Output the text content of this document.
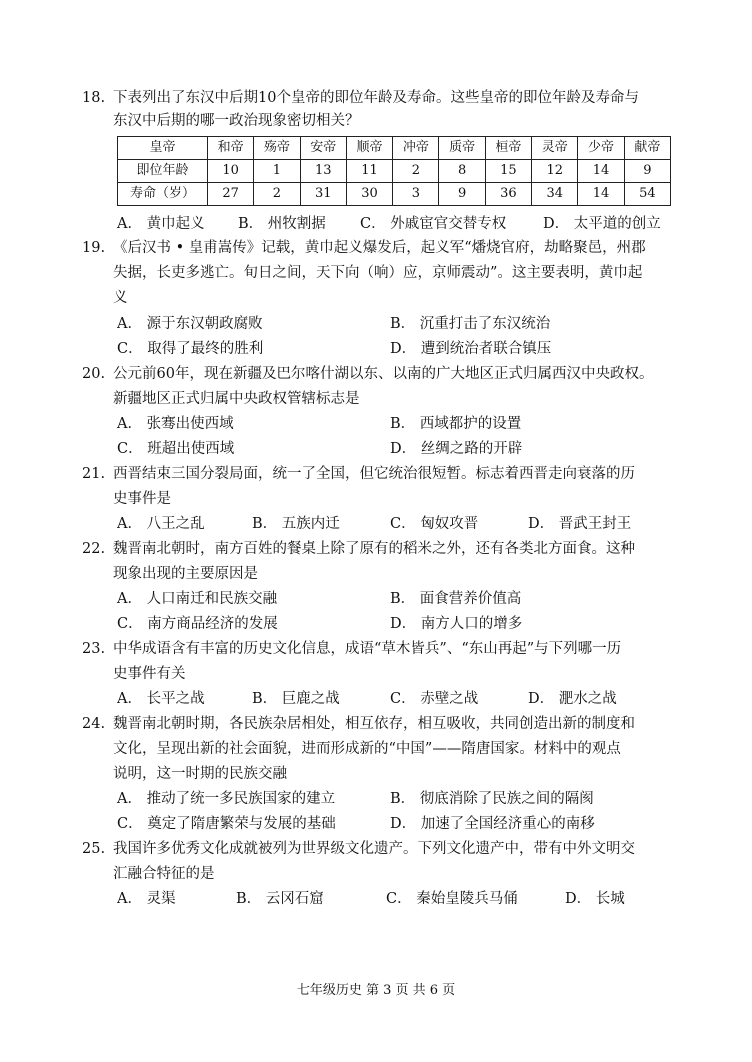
18. 下表列出了东汉中后期10个皇帝的即位年龄及寿命。这些皇帝的即位年龄及寿命与
东汉中后期的哪一政治现象密切相关？
皇帝	和帝	殇帝	安帝	顺帝	冲帝	质帝	桓帝	灵帝	少帝	献帝
即位年龄	10	1	13	11	2	8	15	12	14	9
寿命（岁）	27	2	31	30	3	9	36	34	14	54
A． 黄巾起义 B． 州牧割据 C． 外戚宦官交替专权	D． 太平道的创立
19. 《后汉书 • 皇甫嵩传》记载，黄巾起义爆发后，起义军“燔烧官府，劫略聚邑，州郡
失据，长吏多逃亡。旬日之间，天下向（响）应，京师震动”。这主要表明，黄巾起
义
A． 源于东汉朝政腐败	B． 沉重打击了东汉统治
C． 取得了最终的胜利	D． 遭到统治者联合镇压
20. 公元前60年，现在新疆及巴尔喀什湖以东、以南的广大地区正式归属西汉中央政权。
新疆地区正式归属中央政权管辖标志是
A． 张骞出使西域	B． 西域都护的设置
C． 班超出使西域	D． 丝绸之路的开辟
21. 西晋结束三国分裂局面，统一了全国，但它统治很短暂。标志着西晋走向衰落的历
史事件是
A． 八王之乱	B． 五族内迁	C． 匈奴攻晋	D． 晋武王封王
22. 魏晋南北朝时，南方百姓的餐桌上除了原有的稻米之外，还有各类北方面食。这种
现象出现的主要原因是
A． 人口南迁和民族交融	B． 面食营养价值高
C． 南方商品经济的发展	D． 南方人口的增多
23. 中华成语含有丰富的历史文化信息，成语“草木皆兵”、“东山再起”与下列哪一历
史事件有关
A． 长平之战	B． 巨鹿之战	C． 赤壁之战	D． 淝水之战
24. 魏晋南北朝时期，各民族杂居相处，相互依存，相互吸收，共同创造出新的制度和
文化，呈现出新的社会面貌，进而形成新的“中国”——隋唐国家。材料中的观点
说明，这一时期的民族交融
A． 推动了统一多民族国家的建立	B． 彻底消除了民族之间的隔阂
C． 奠定了隋唐繁荣与发展的基础	D． 加速了全国经济重心的南移
25. 我国许多优秀文化成就被列为世界级文化遗产。下列文化遗产中，带有中外文明交
汇融合特征的是
A． 灵渠	B． 云冈石窟	C． 秦始皇陵兵马俑	D． 长城
七年级历史 第 3 页 共 6 页
